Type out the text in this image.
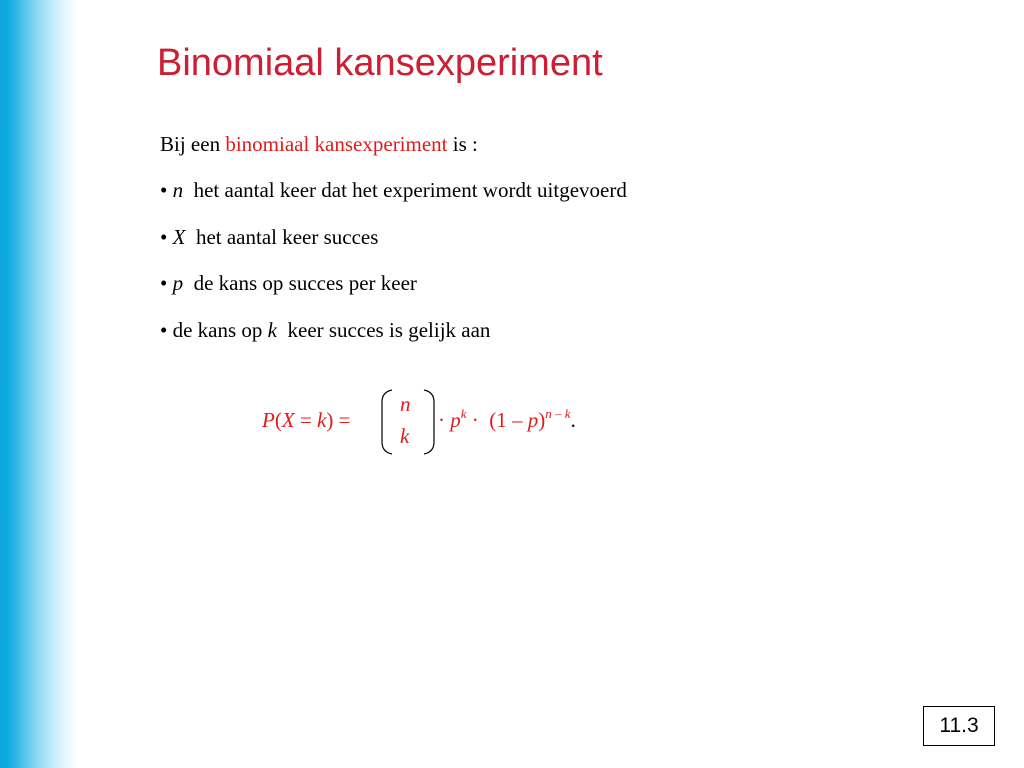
Binomiaal kansexperiment
Bij een binomiaal kansexperiment is :
• n  het aantal keer dat het experiment wordt uitgevoerd
• X  het aantal keer succes
• p  de kans op succes per keer
• de kans op k  keer succes is gelijk aan
P(X = k) =
n
k
· $p^k \cdot (1 - p)^{n - k}$.
11.3
